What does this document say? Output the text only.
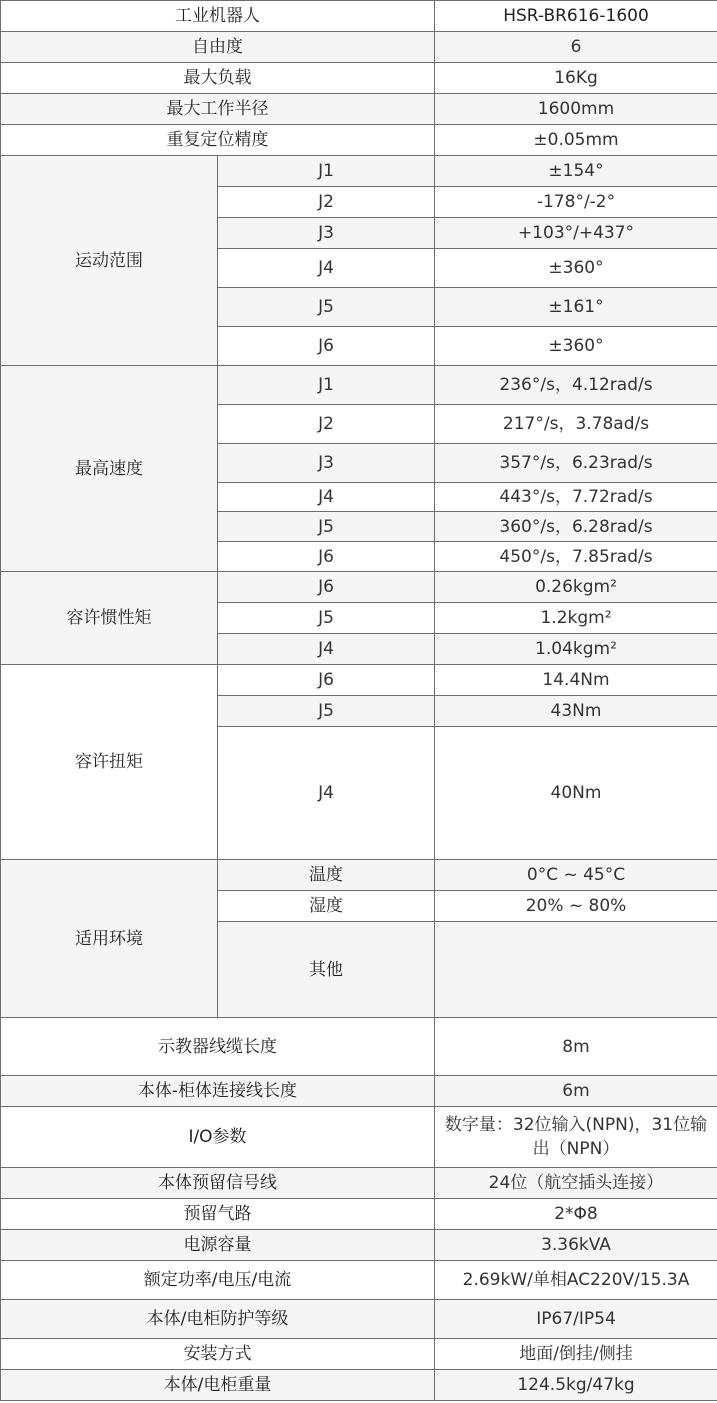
工业机器人		HSR-BR616-1600
自由度		6
最大负载		16Kg
最大工作半径		1600mm
重复定位精度		±0.05mm
运动范围	J1	±154°
	J2	-178°/-2°
	J3	+103°/+437°
	J4	±360°
	J5	±161°
	J6	±360°
最高速度	J1	236°/s，4.12rad/s
	J2	217°/s，3.78ad/s
	J3	357°/s，6.23rad/s
	J4	443°/s，7.72rad/s
	J5	360°/s，6.28rad/s
	J6	450°/s，7.85rad/s
容许惯性矩	J6	0.26kgm²
	J5	1.2kgm²
	J4	1.04kgm²
容许扭矩	J6	14.4Nm
	J5	43Nm
	J4	40Nm
适用环境	温度	0°C ~ 45°C
	湿度	20% ~ 80%
	其他	
示教器线缆长度		8m
本体-柜体连接线长度		6m
I/O参数		数字量：32位输入(NPN)，31位输出（NPN）
本体预留信号线		24位（航空插头连接）
预留气路		2*Φ8
电源容量		3.36kVA
额定功率/电压/电流		2.69kW/单相AC220V/15.3A
本体/电柜防护等级		IP67/IP54
安装方式		地面/倒挂/侧挂
本体/电柜重量		124.5kg/47kg
